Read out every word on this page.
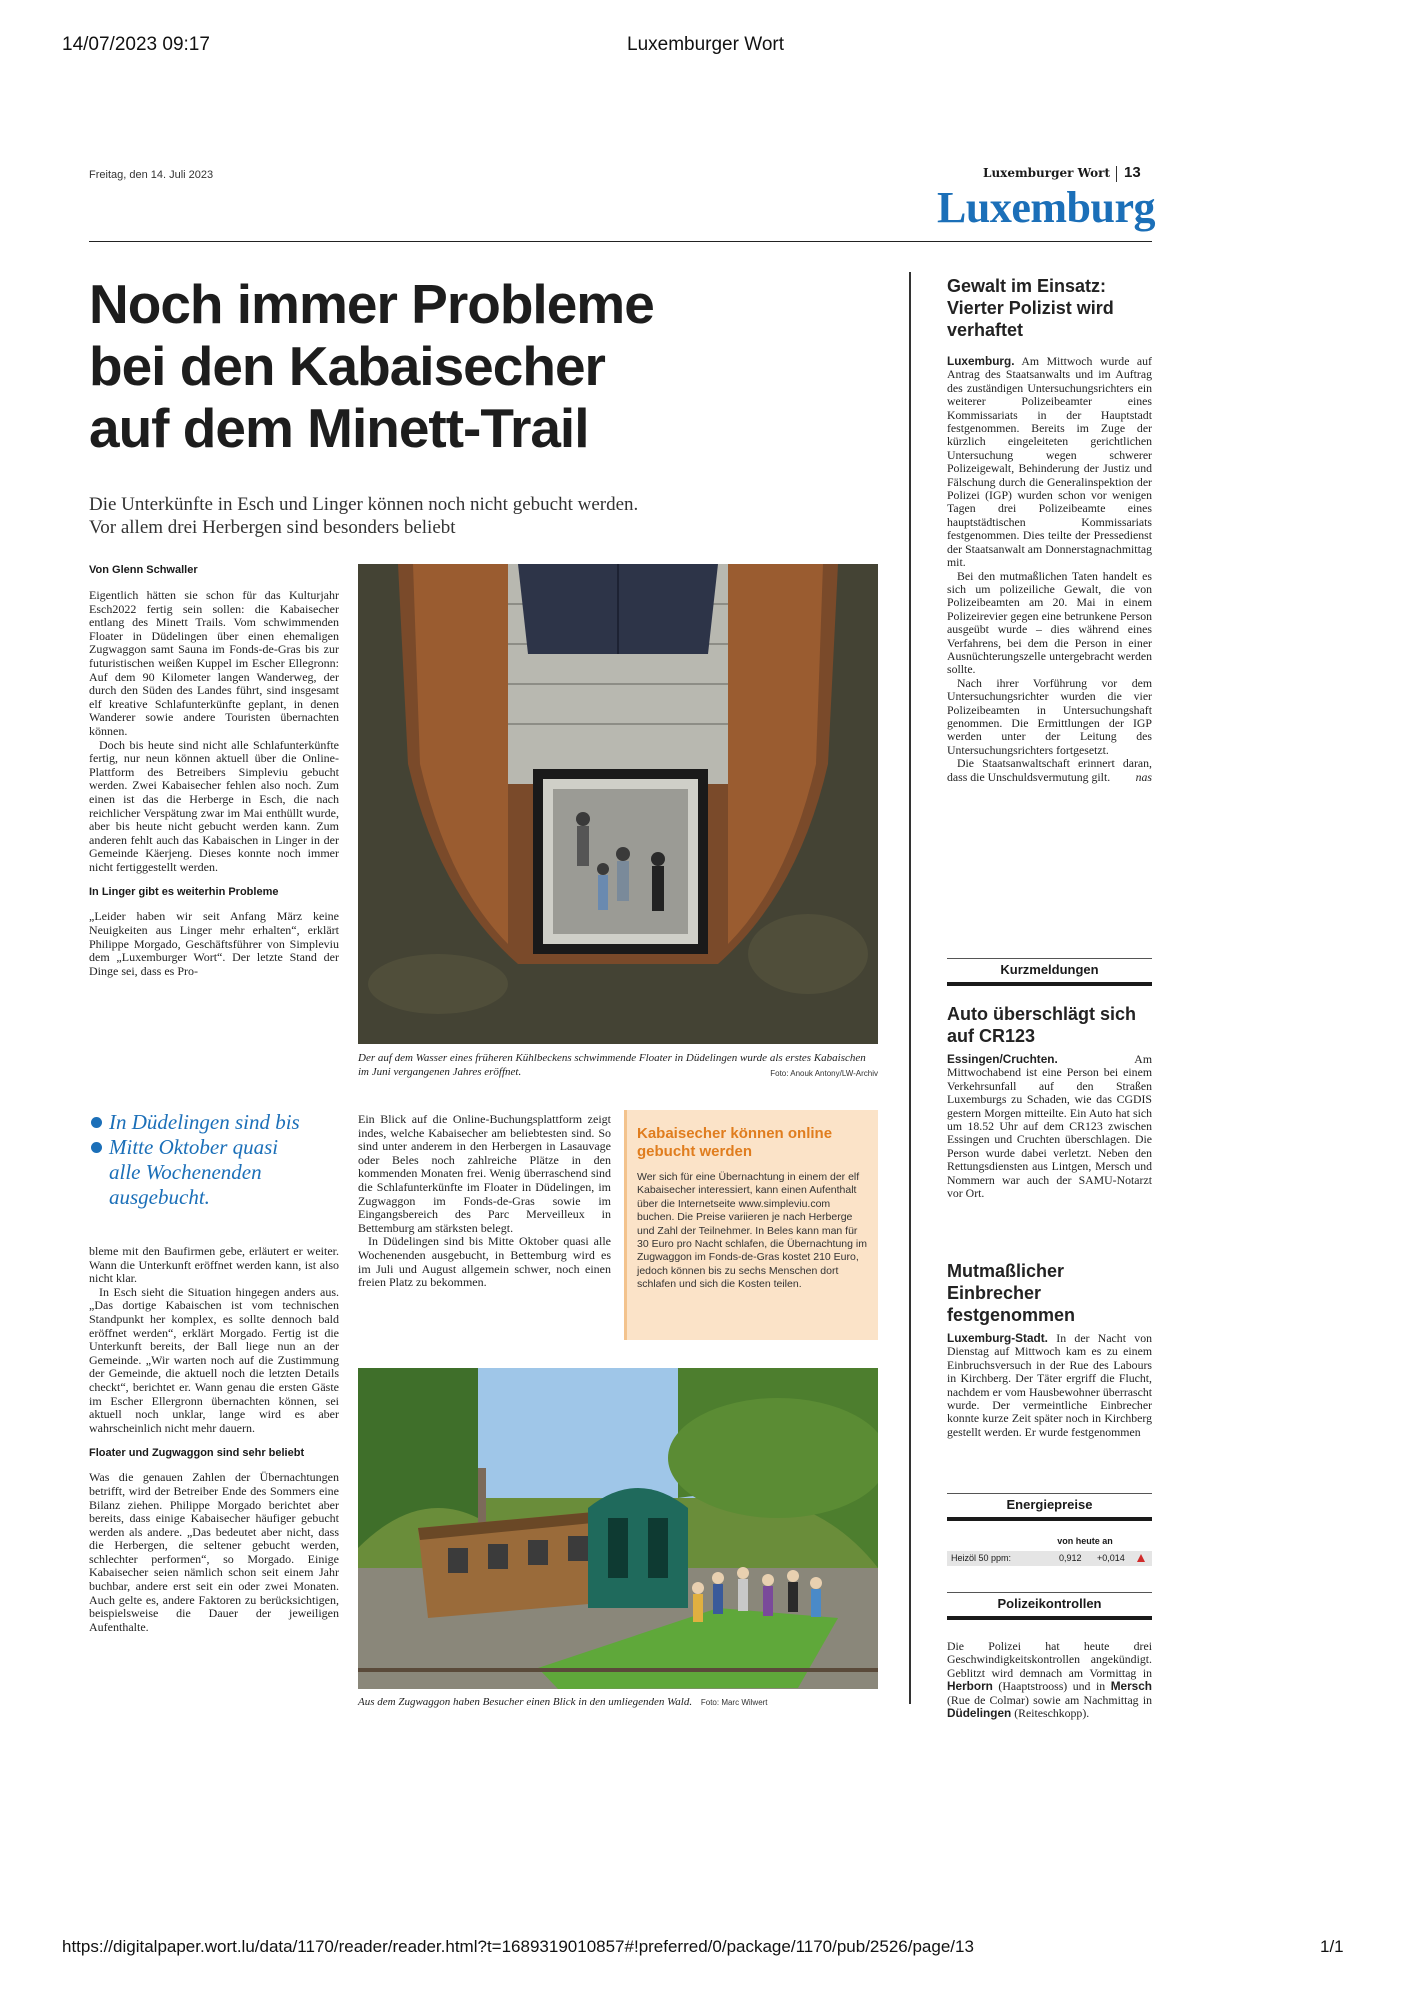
14/07/2023 09:17	Luxemburger Wort
Freitag, den 14. Juli 2023	Luxemburger Wort 13
Luxemburg
Noch immer Probleme
bei den Kabaisecher
auf dem Minett-Trail
Die Unterkünfte in Esch und Linger können noch nicht gebucht werden.
Vor allem drei Herbergen sind besonders beliebt
Von Glenn Schwaller

Eigentlich hätten sie schon für das Kulturjahr Esch2022 fertig sein sollen: die Kabaisecher entlang des Minett Trails. Vom schwimmenden Floater in Düdelingen über einen ehemaligen Zugwaggon samt Sauna im Fonds-de-Gras bis zur futuristischen weißen Kuppel im Escher Ellegronn: Auf dem 90 Kilometer langen Wanderweg, der durch den Süden des Landes führt, sind insgesamt elf kreative Schlafunterkünfte geplant, in denen Wanderer sowie andere Touristen übernachten können.

Doch bis heute sind nicht alle Schlafunterkünfte fertig, nur neun können aktuell über die Online-Plattform des Betreibers Simpleviu gebucht werden. Zwei Kabaisecher fehlen also noch. Zum einen ist das die Herberge in Esch, die nach reichlicher Verspätung zwar im Mai enthüllt wurde, aber bis heute nicht gebucht werden kann. Zum anderen fehlt auch das Kabaischen in Linger in der Gemeinde Käerjeng. Dieses konnte noch immer nicht fertiggestellt werden.

In Linger gibt es weiterhin Probleme

„Leider haben wir seit Anfang März keine Neuigkeiten aus Linger mehr erhalten“, erklärt Philippe Morgado, Geschäftsführer von Simpleviu dem „Luxemburger Wort“. Der letzte Stand der Dinge sei, dass es Pro-

Der auf dem Wasser eines früheren Kühlbeckens schwimmende Floater in Düdelingen wurde als erstes Kabaischen im Juni vergangenen Jahres eröffnet.	Foto: Anouk Antony/LW-Archiv
In Düdelingen sind bis
Mitte Oktober quasi
alle Wochenenden
ausgebucht.

bleme mit den Baufirmen gebe, erläutert er weiter. Wann die Unterkunft eröffnet werden kann, ist also nicht klar.

In Esch sieht die Situation hingegen anders aus. „Das dortige Kabaischen ist vom technischen Standpunkt her komplex, es sollte dennoch bald eröffnet werden“, erklärt Morgado. Fertig ist die Unterkunft bereits, der Ball liege nun an der Gemeinde. „Wir warten noch auf die Zustimmung der Gemeinde, die aktuell noch die letzten Details checkt“, berichtet er. Wann genau die ersten Gäste im Escher Ellergronn übernachten können, sei aktuell noch unklar, lange wird es aber wahrscheinlich nicht mehr dauern.

Floater und Zugwaggon sind sehr beliebt

Was die genauen Zahlen der Übernachtungen betrifft, wird der Betreiber Ende des Sommers eine Bilanz ziehen. Philippe Morgado berichtet aber bereits, dass einige Kabaisecher häufiger gebucht werden als andere. „Das bedeutet aber nicht, dass die Herbergen, die seltener gebucht werden, schlechter performen“, so Morgado. Einige Kabaisecher seien nämlich schon seit einem Jahr buchbar, andere erst seit ein oder zwei Monaten. Auch gelte es, andere Faktoren zu berücksichtigen, beispielsweise die Dauer der jeweiligen Aufenthalte.

Ein Blick auf die Online-Buchungsplattform zeigt indes, welche Kabaisecher am beliebtesten sind. So sind unter anderem in den Herbergen in Lasauvage oder Beles noch zahlreiche Plätze in den kommenden Monaten frei. Wenig überraschend sind die Schlafunterkünfte im Floater in Düdelingen, im Zugwaggon im Fonds-de-Gras sowie im Eingangsbereich des Parc Merveilleux in Bettemburg am stärksten belegt.

In Düdelingen sind bis Mitte Oktober quasi alle Wochenenden ausgebucht, in Bettemburg wird es im Juli und August allgemein schwer, noch einen freien Platz zu bekommen.

Kabaisecher können online
gebucht werden
Wer sich für eine Übernachtung in einem der elf Kabaisecher interessiert, kann einen Aufenthalt über die Internetseite www.simpleviu.com buchen. Die Preise variieren je nach Herberge und Zahl der Teilnehmer. In Beles kann man für 30 Euro pro Nacht schlafen, die Übernachtung im Zugwaggon im Fonds-de-Gras kostet 210 Euro, jedoch können bis zu sechs Menschen dort schlafen und sich die Kosten teilen.
Aus dem Zugwaggon haben Besucher einen Blick in den umliegenden Wald. Foto: Marc Wilwert
Gewalt im Einsatz:
Vierter Polizist wird
verhaftet

Luxemburg. Am Mittwoch wurde auf Antrag des Staatsanwalts und im Auftrag des zuständigen Untersuchungsrichters ein weiterer Polizeibeamter eines Kommissariats in der Hauptstadt festgenommen. Bereits im Zuge der kürzlich eingeleiteten gerichtlichen Untersuchung wegen schwerer Polizeigewalt, Behinderung der Justiz und Fälschung durch die Generalinspektion der Polizei (IGP) wurden schon vor wenigen Tagen drei Polizeibeamte eines hauptstädtischen Kommissariats festgenommen. Dies teilte der Pressedienst der Staatsanwalt am Donnerstagnachmittag mit.

Bei den mutmaßlichen Taten handelt es sich um polizeiliche Gewalt, die von Polizeibeamten am 20. Mai in einem Polizeirevier gegen eine betrunkene Person ausgeübt wurde – dies während eines Verfahrens, bei dem die Person in einer Ausnüchterungszelle untergebracht werden sollte.

Nach ihrer Vorführung vor dem Untersuchungsrichter wurden die vier Polizeibeamten in Untersuchungshaft genommen. Die Ermittlungen der IGP werden unter der Leitung des Untersuchungsrichters fortgesetzt.

Die Staatsanwaltschaft erinnert daran, dass die Unschuldsvermutung gilt.	nas

Kurzmeldungen
Auto überschlägt sich
auf CR123

Essingen/Cruchten.	Am Mittwochabend ist eine Person bei einem Verkehrsunfall auf den Straßen Luxemburgs zu Schaden, wie das CGDIS gestern Morgen mitteilte. Ein Auto hat sich um 18.52 Uhr auf dem CR123 zwischen Essingen und Cruchten überschlagen. Die Person wurde dabei verletzt. Neben den Rettungsdiensten aus Lintgen, Mersch und Nommern war auch der SAMU-Notarzt vor Ort.

Mutmaßlicher Einbrecher
festgenommen

Luxemburg-Stadt. In der Nacht von Dienstag auf Mittwoch kam es zu einem Einbruchsversuch in der Rue des Labours in Kirchberg. Der Täter ergriff die Flucht, nachdem er vom Hausbewohner überrascht wurde. Der vermeintliche Einbrecher konnte kurze Zeit später noch in Kirchberg gestellt werden. Er wurde festgenommen

Energiepreise
von heute an
Heizöl 50 ppm:	0,912 +0,014
Polizeikontrollen

Die Polizei hat heute drei Geschwindigkeitskontrollen angekündigt. Geblitzt wird demnach am Vormittag in Herborn (Haaptstrooss) und in Mersch (Rue de Colmar) sowie am Nachmittag in Düdelingen (Reiteschkopp).

https://digitalpaper.wort.lu/data/1170/reader/reader.html?t=1689319010857#!preferred/0/package/1170/pub/2526/page/13	1/1
